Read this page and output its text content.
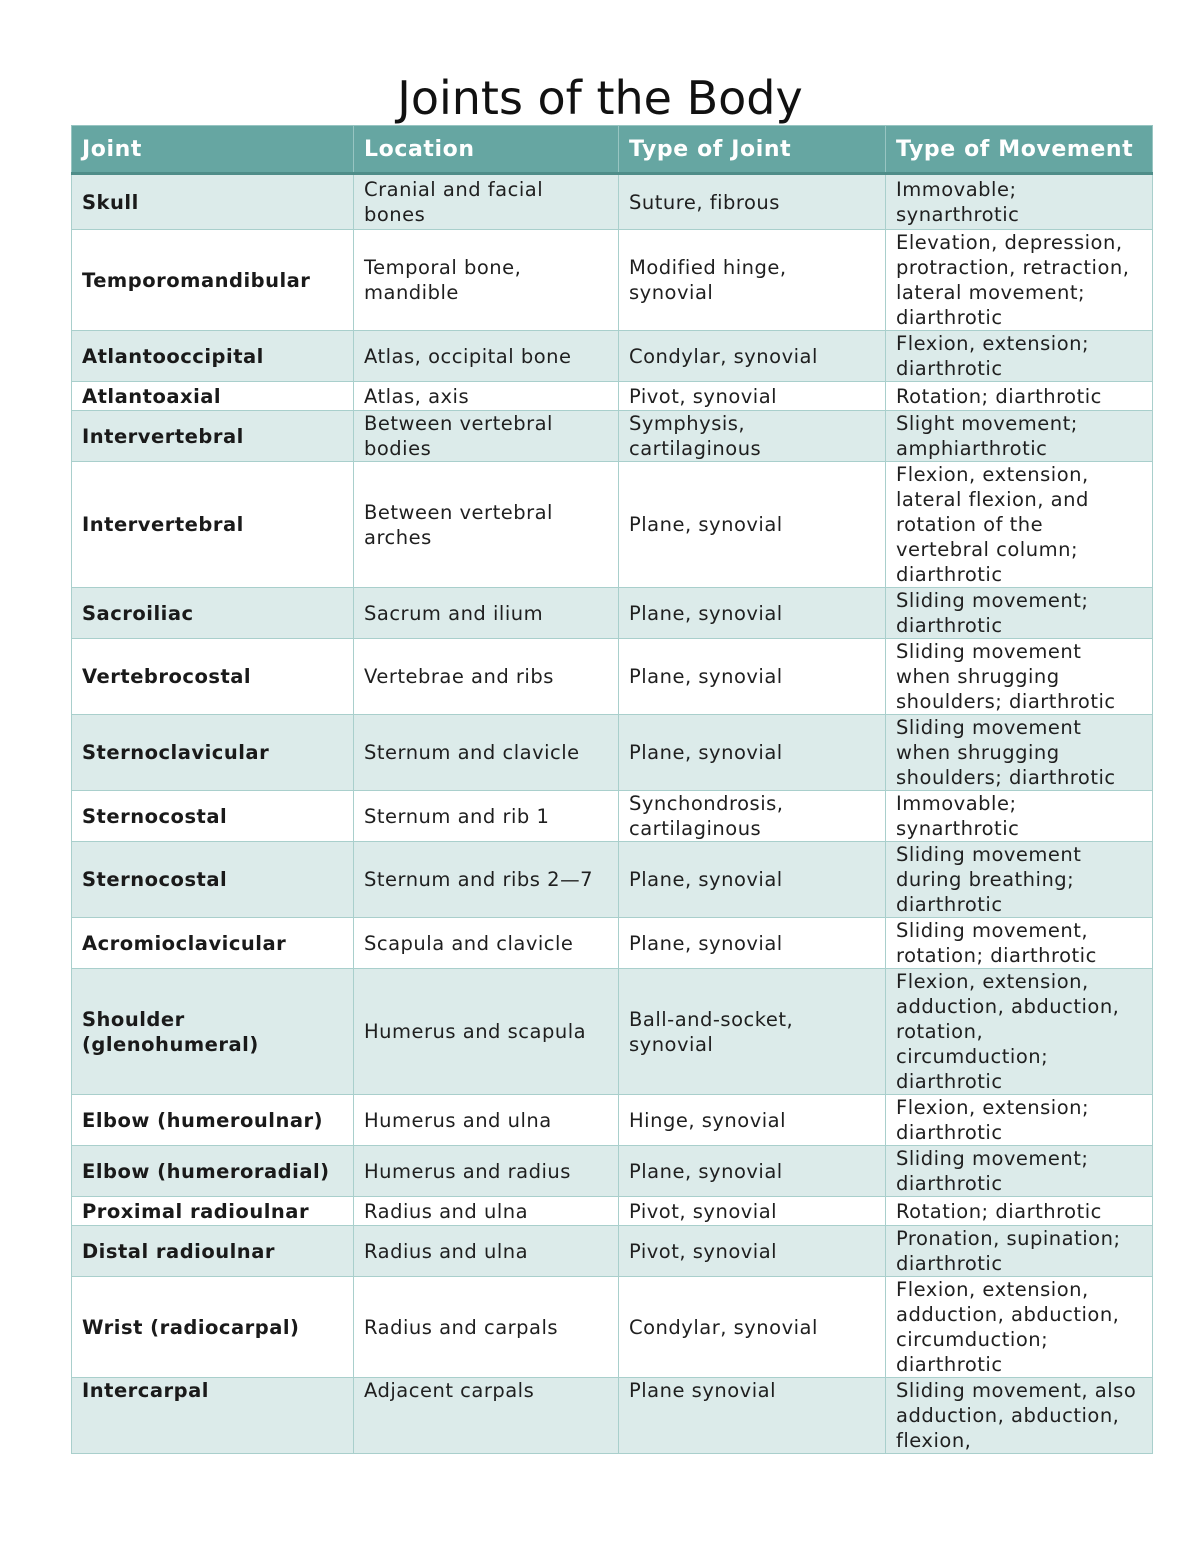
Joints of the Body
Joint	Location	Type of Joint	Type of Movement
Skull	Cranial and facial bones	Suture, fibrous	Immovable; synarthrotic
Temporomandibular	Temporal bone, mandible	Modified hinge, synovial	Elevation, depression, protraction, retraction, lateral movement; diarthrotic
Atlantooccipital	Atlas, occipital bone	Condylar, synovial	Flexion, extension; diarthrotic
Atlantoaxial	Atlas, axis	Pivot, synovial	Rotation; diarthrotic
Intervertebral	Between vertebral bodies	Symphysis, cartilaginous	Slight movement; amphiarthrotic
Intervertebral	Between vertebral arches	Plane, synovial	Flexion, extension, lateral flexion, and rotation of the vertebral column; diarthrotic
Sacroiliac	Sacrum and ilium	Plane, synovial	Sliding movement; diarthrotic
Vertebrocostal	Vertebrae and ribs	Plane, synovial	Sliding movement when shrugging shoulders; diarthrotic
Sternoclavicular	Sternum and clavicle	Plane, synovial	Sliding movement when shrugging shoulders; diarthrotic
Sternocostal	Sternum and rib 1	Synchondrosis, cartilaginous	Immovable; synarthrotic
Sternocostal	Sternum and ribs 2—7	Plane, synovial	Sliding movement during breathing; diarthrotic
Acromioclavicular	Scapula and clavicle	Plane, synovial	Sliding movement, rotation; diarthrotic
Shoulder (glenohumeral)	Humerus and scapula	Ball-and-socket, synovial	Flexion, extension, adduction, abduction, rotation, circumduction; diarthrotic
Elbow (humeroulnar)	Humerus and ulna	Hinge, synovial	Flexion, extension; diarthrotic
Elbow (humeroradial)	Humerus and radius	Plane, synovial	Sliding movement; diarthrotic
Proximal radioulnar	Radius and ulna	Pivot, synovial	Rotation; diarthrotic
Distal radioulnar	Radius and ulna	Pivot, synovial	Pronation, supination; diarthrotic
Wrist (radiocarpal)	Radius and carpals	Condylar, synovial	Flexion, extension, adduction, abduction, circumduction; diarthrotic
Intercarpal	Adjacent carpals	Plane synovial	Sliding movement, also adduction, abduction, flexion,
